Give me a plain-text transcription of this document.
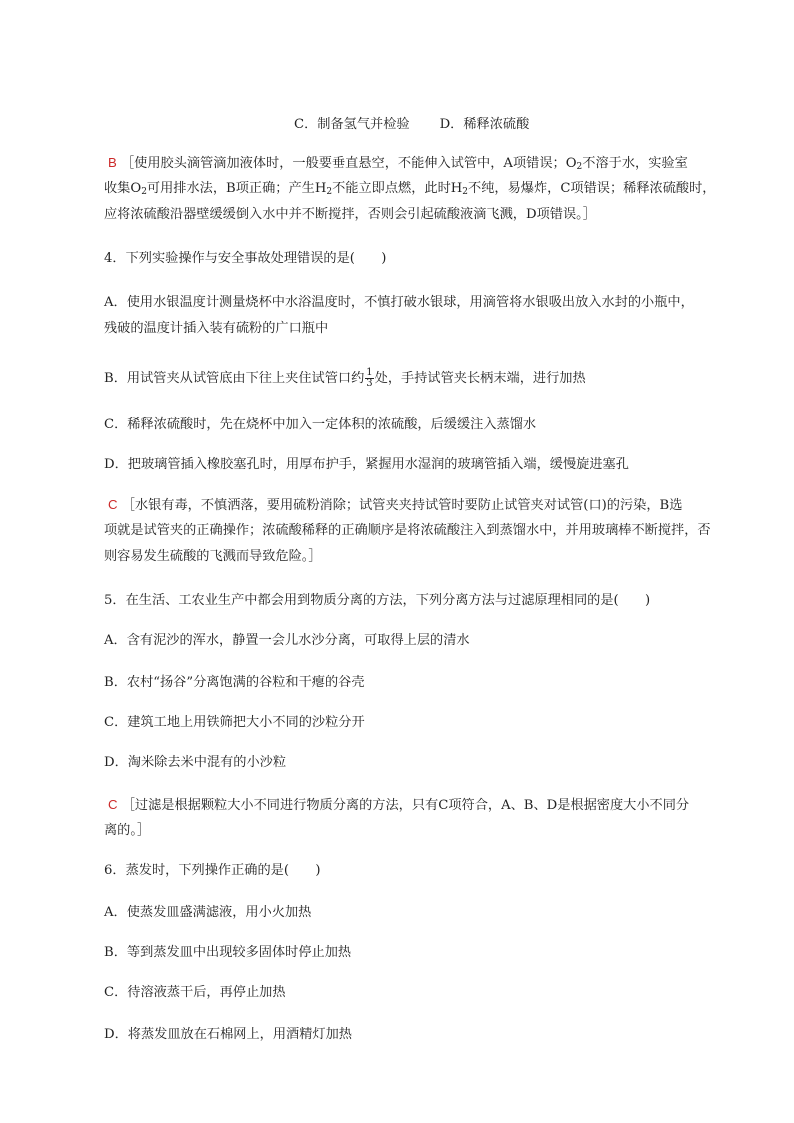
C．制备氢气并检验 D．稀释浓硫酸
B ［使用胶头滴管滴加液体时，一般要垂直悬空，不能伸入试管中，A项错误；$O_2$不溶于水，实验室
收集$O_2$可用排水法，B项正确；产生$H_2$不能立即点燃，此时$H_2$不纯，易爆炸，C项错误；稀释浓硫酸时，
应将浓硫酸沿器壁缓缓倒入水中并不断搅拌，否则会引起硫酸液滴飞溅，D项错误。］
4．下列实验操作与安全事故处理错误的是(　　)
A．使用水银温度计测量烧杯中水浴温度时，不慎打破水银球，用滴管将水银吸出放入水封的小瓶中，
残破的温度计插入装有硫粉的广口瓶中
B．用试管夹从试管底由下往上夹住试管口约 $\frac{1}{3}$ 处，手持试管夹长柄末端，进行加热
C．稀释浓硫酸时，先在烧杯中加入一定体积的浓硫酸，后缓缓注入蒸馏水
D．把玻璃管插入橡胶塞孔时，用厚布护手，紧握用水湿润的玻璃管插入端，缓慢旋进塞孔
C ［水银有毒，不慎洒落，要用硫粉消除；试管夹夹持试管时要防止试管夹对试管(口)的污染，B选
项就是试管夹的正确操作；浓硫酸稀释的正确顺序是将浓硫酸注入到蒸馏水中，并用玻璃棒不断搅拌，否
则容易发生硫酸的飞溅而导致危险。］
5．在生活、工农业生产中都会用到物质分离的方法，下列分离方法与过滤原理相同的是(　　)
A．含有泥沙的浑水，静置一会儿水沙分离，可取得上层的清水
B．农村“扬谷”分离饱满的谷粒和干瘪的谷壳
C．建筑工地上用铁筛把大小不同的沙粒分开
D．淘米除去米中混有的小沙粒
C ［过滤是根据颗粒大小不同进行物质分离的方法，只有C项符合，A、B、D是根据密度大小不同分
离的。］
6．蒸发时，下列操作正确的是(　　)
A．使蒸发皿盛满滤液，用小火加热
B．等到蒸发皿中出现较多固体时停止加热
C．待溶液蒸干后，再停止加热
D．将蒸发皿放在石棉网上，用酒精灯加热
